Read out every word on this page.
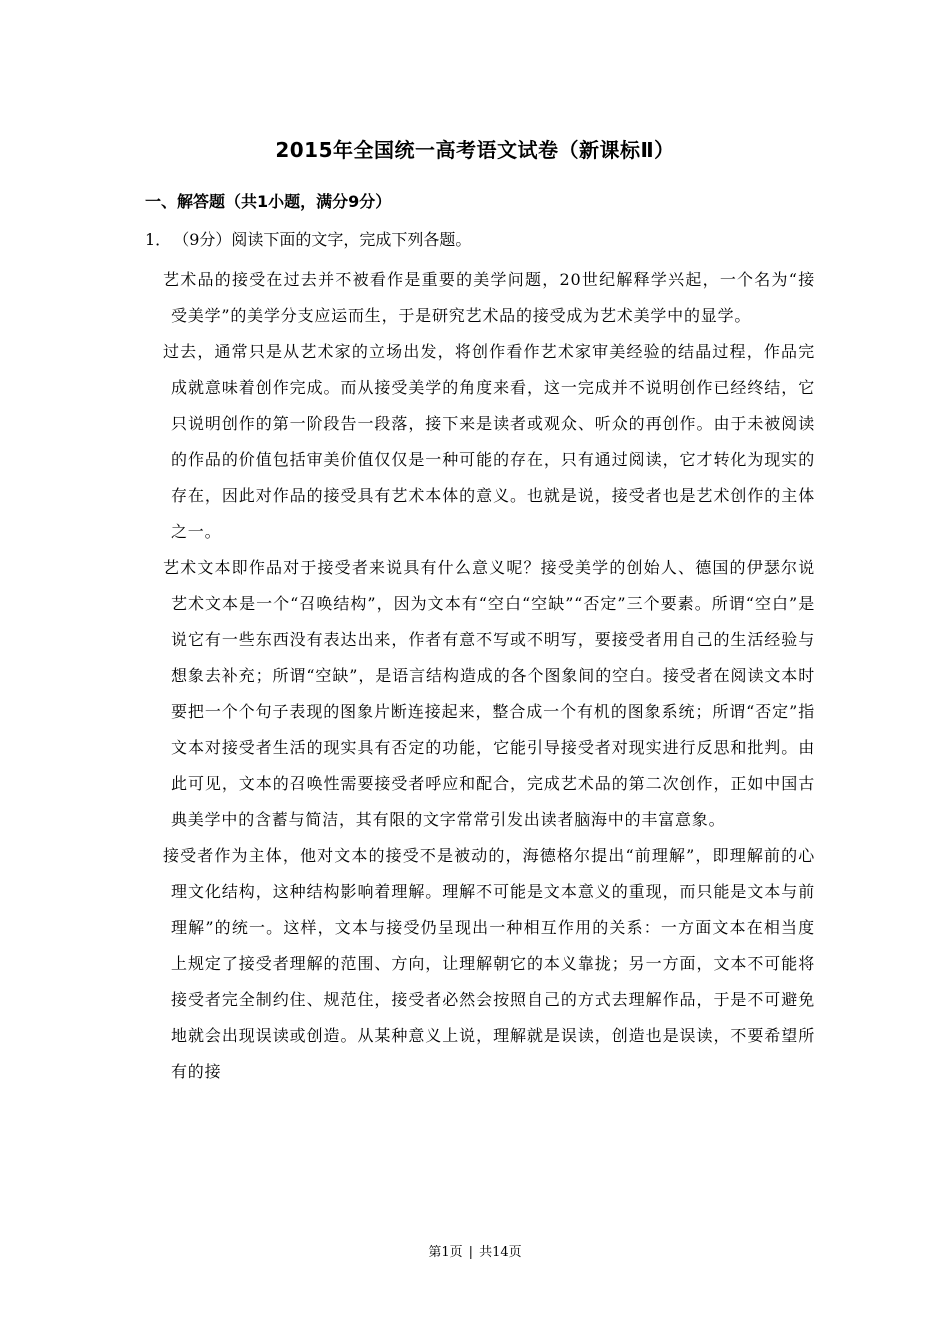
2015年全国统一高考语文试卷（新课标Ⅱ）
一、解答题（共1小题，满分9分）
1． （9分）阅读下面的文字，完成下列各题。

艺术品的接受在过去并不被看作是重要的美学问题，20世纪解释学兴起，一个名为“接受美学”的美学分支应运而生，于是研究艺术品的接受成为艺术美学中的显学。

过去，通常只是从艺术家的立场出发，将创作看作艺术家审美经验的结晶过程，作品完成就意味着创作完成。而从接受美学的角度来看，这一完成并不说明创作已经终结，它只说明创作的第一阶段告一段落，接下来是读者或观众、听众的再创作。由于未被阅读的作品的价值包括审美价值仅仅是一种可能的存在，只有通过阅读，它才转化为现实的存在，因此对作品的接受具有艺术本体的意义。也就是说，接受者也是艺术创作的主体之一。

艺术文本即作品对于接受者来说具有什么意义呢？接受美学的创始人、德国的伊瑟尔说艺术文本是一个“召唤结构”，因为文本有“空白“空缺”“否定”三个要素。所谓“空白”是说它有一些东西没有表达出来，作者有意不写或不明写，要接受者用自己的生活经验与想象去补充；所谓“空缺”，是语言结构造成的各个图象间的空白。接受者在阅读文本时要把一个个句子表现的图象片断连接起来，整合成一个有机的图象系统；所谓“否定”指文本对接受者生活的现实具有否定的功能，它能引导接受者对现实进行反思和批判。由此可见，文本的召唤性需要接受者呼应和配合，完成艺术品的第二次创作，正如中国古典美学中的含蓄与简洁，其有限的文字常常引发出读者脑海中的丰富意象。

接受者作为主体，他对文本的接受不是被动的，海德格尔提出“前理解”，即理解前的心理文化结构，这种结构影响着理解。理解不可能是文本意义的重现，而只能是文本与前理解”的统一。这样，文本与接受仍呈现出一种相互作用的关系：一方面文本在相当度上规定了接受者理解的范围、方向，让理解朝它的本义靠拢；另一方面，文本不可能将接受者完全制约住、规范住，接受者必然会按照自己的方式去理解作品，于是不可避免地就会出现误读或创造。从某种意义上说，理解就是误读，创造也是误读，不要希望所有的接

第1页 | 共14页
